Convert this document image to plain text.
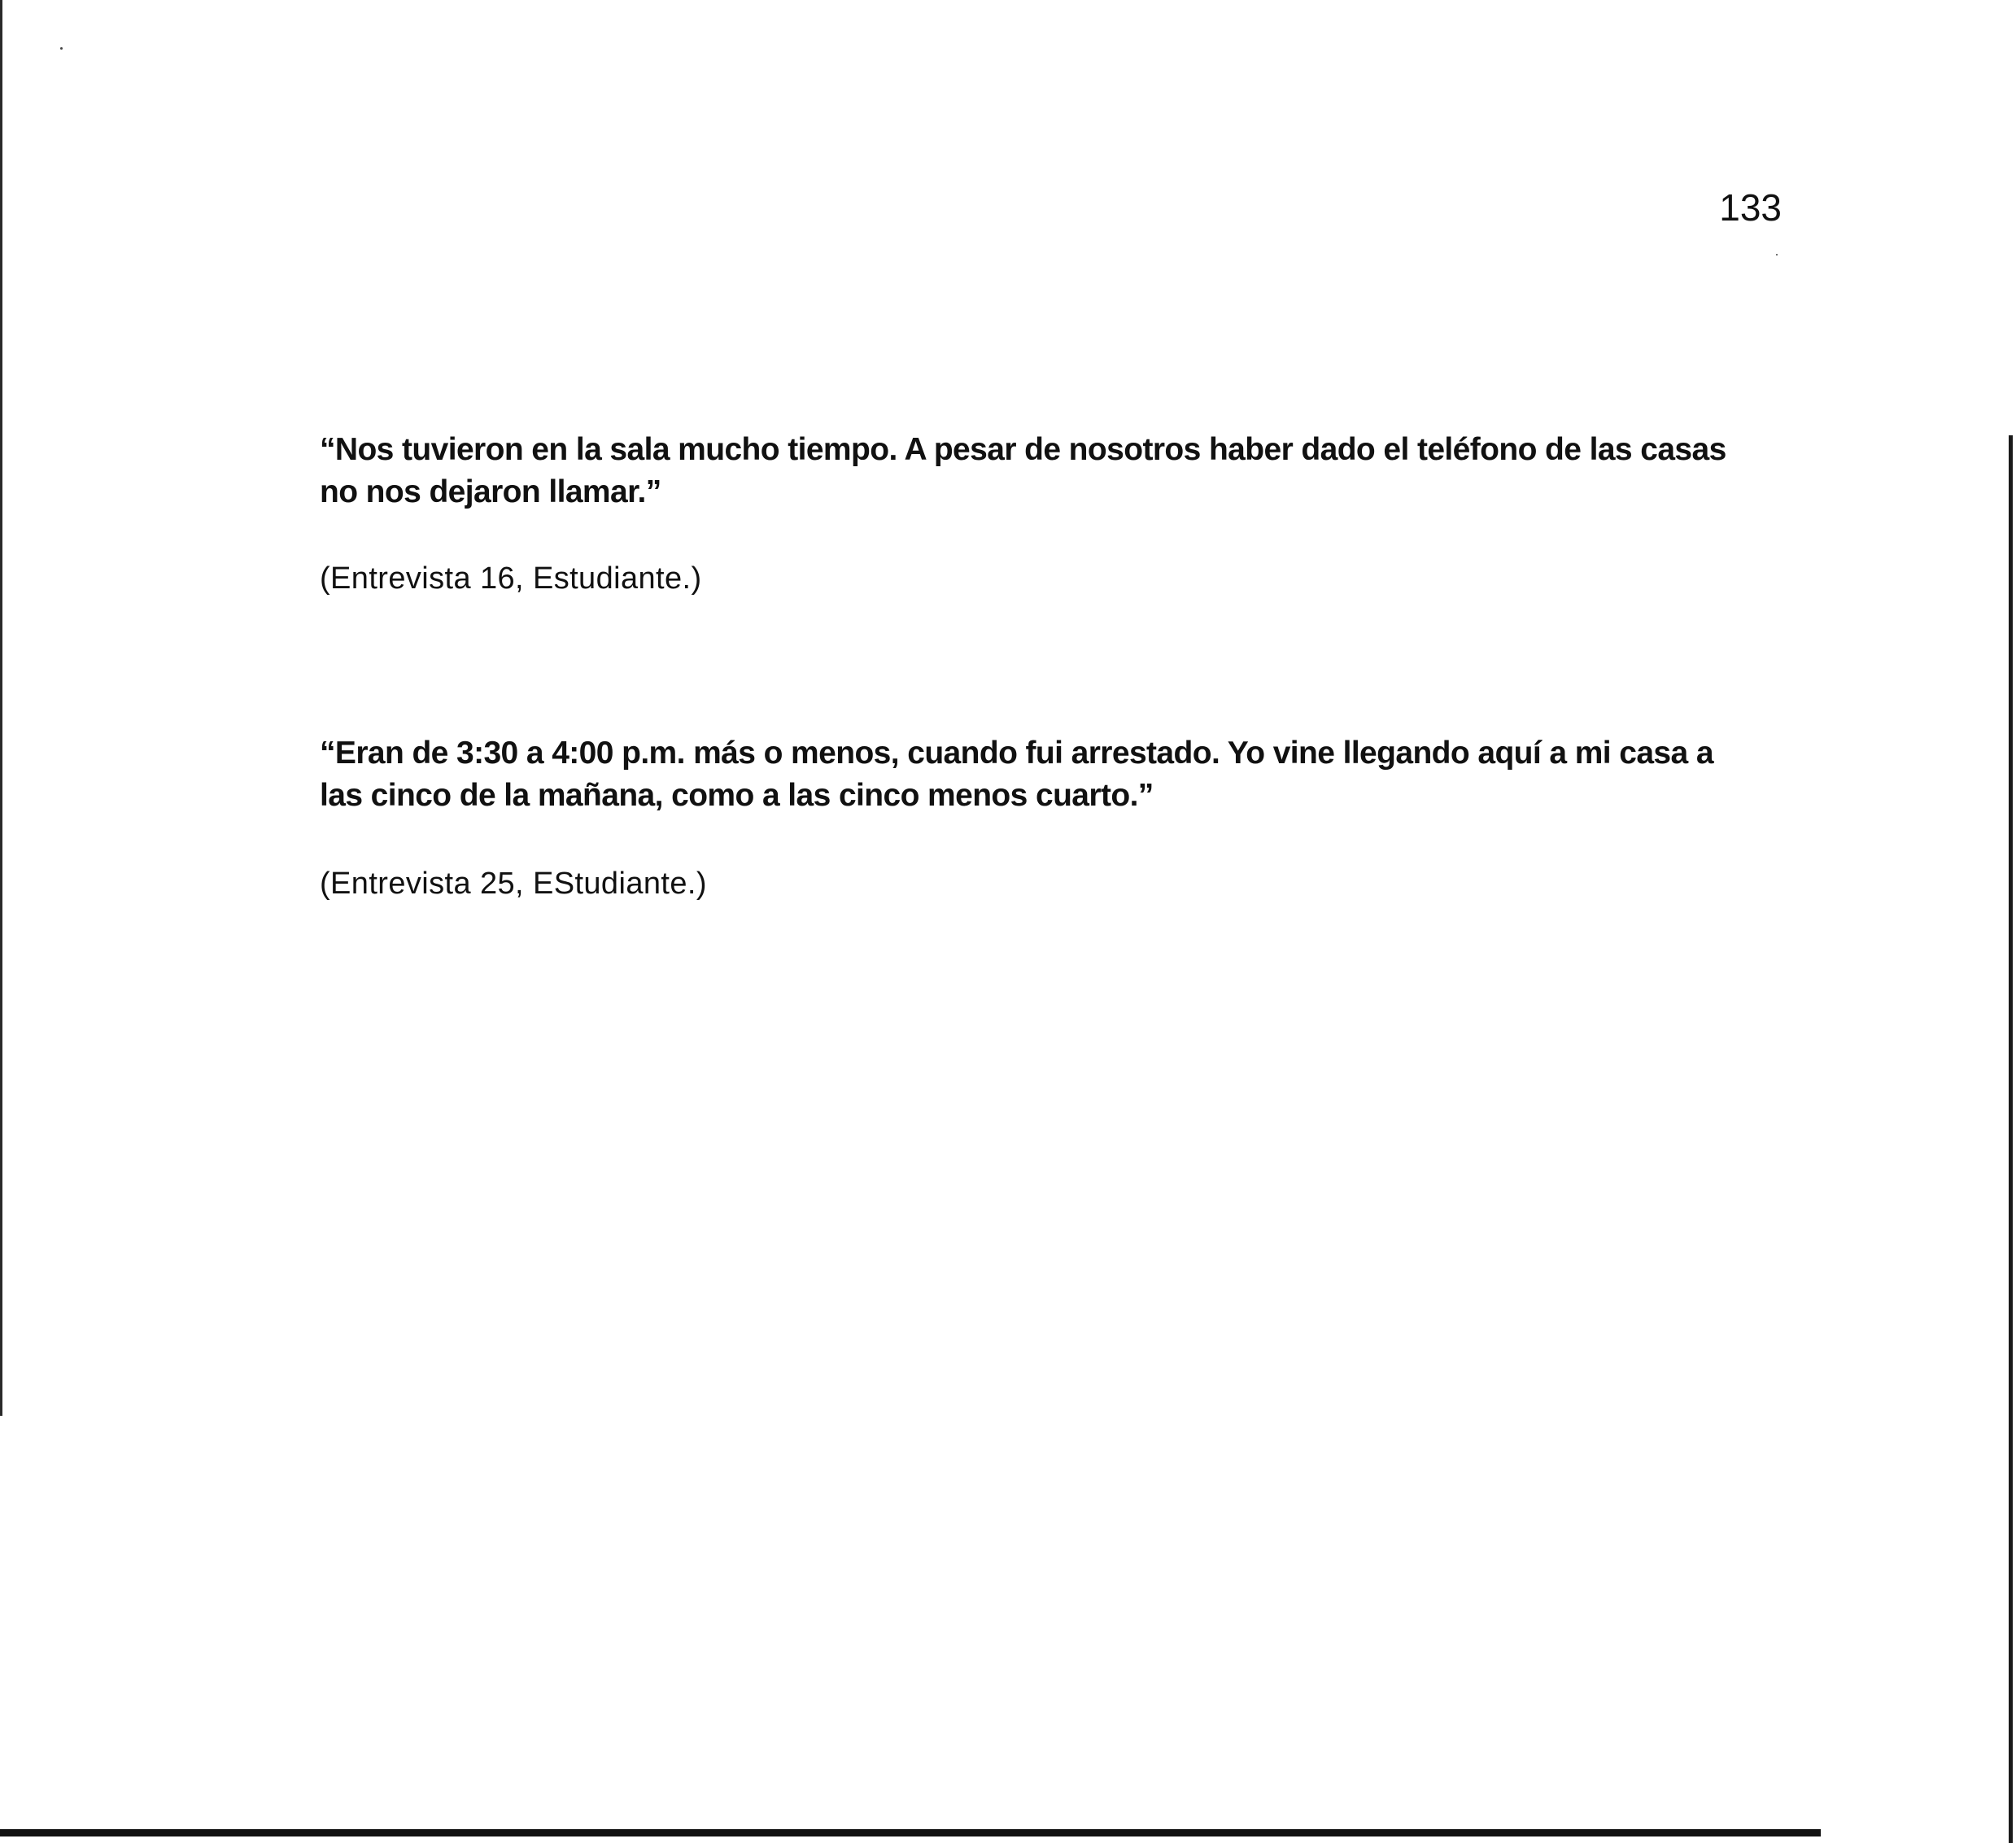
133

“Nos tuvieron en la sala mucho tiempo. A pesar de nosotros haber dado el teléfono de las casas
no nos dejaron llamar.”

(Entrevista 16, Estudiante.)

“Eran de 3:30 a 4:00 p.m. más o menos, cuando fui arrestado. Yo vine llegando aquí a mi casa a
las cinco de la mañana, como a las cinco menos cuarto.”

(Entrevista 25, EStudiante.)
